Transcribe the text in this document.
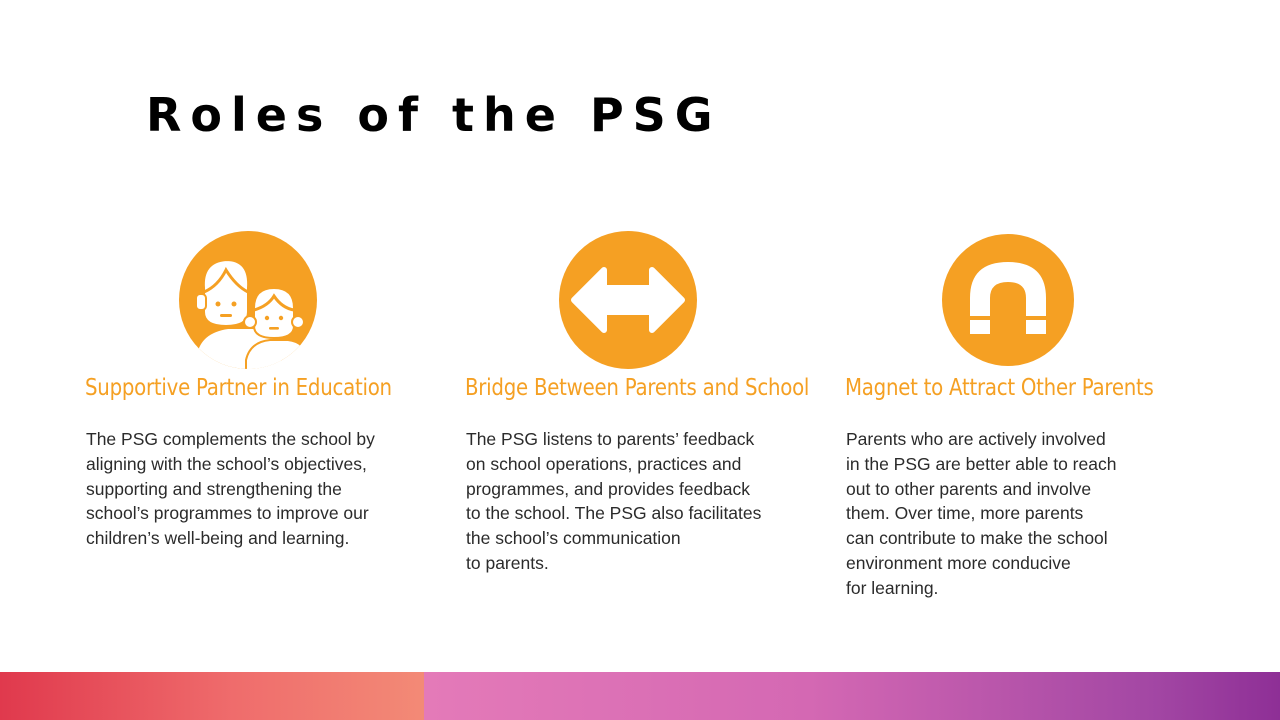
Roles of the PSG
Supportive Partner in Education

The PSG complements the school by
aligning with the school’s objectives,
supporting and strengthening the
school’s programmes to improve our
children’s well-being and learning.

Bridge Between Parents and School

The PSG listens to parents’ feedback
on school operations, practices and
programmes, and provides feedback
to the school. The PSG also facilitates
the school’s communication
to parents.

Magnet to Attract Other Parents

Parents who are actively involved
in the PSG are better able to reach
out to other parents and involve
them. Over time, more parents
can contribute to make the school
environment more conducive
for learning.
